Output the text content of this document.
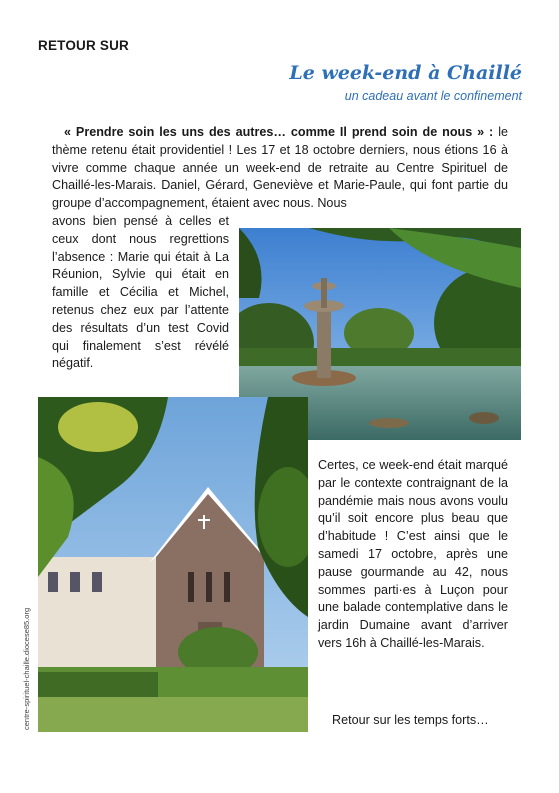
RETOUR SUR
Le week-end à Chaillé
un cadeau avant le confinement
« Prendre soin les uns des autres… comme Il prend soin de nous » : le thème retenu était providentiel ! Les 17 et 18 octobre derniers, nous étions 16 à vivre comme chaque année un week-end de retraite au Centre Spirituel de Chaillé-les-Marais. Daniel, Gérard, Geneviève et Marie-Paule, qui font partie du groupe d’accompagnement, étaient avec nous. Nous
avons bien pensé à celles et ceux dont nous regrettions l’absence : Marie qui était à La Réunion, Sylvie qui était en famille et Cécilia et Michel, retenus chez eux par l’attente des résultats d’un test Covid qui finalement s’est révélé négatif.
centre-spirituel-chaille.diocese85.org
Certes, ce week-end était marqué par le contexte contraignant de la pandémie mais nous avons voulu qu’il soit encore plus beau que d’habitude ! C’est ainsi que le samedi 17 octobre, après une pause gourmande au 42, nous sommes parti·es à Luçon pour une balade contemplative dans le jardin Dumaine avant d’arriver vers 16h à Chaillé-les-Marais.
Retour sur les temps forts…
